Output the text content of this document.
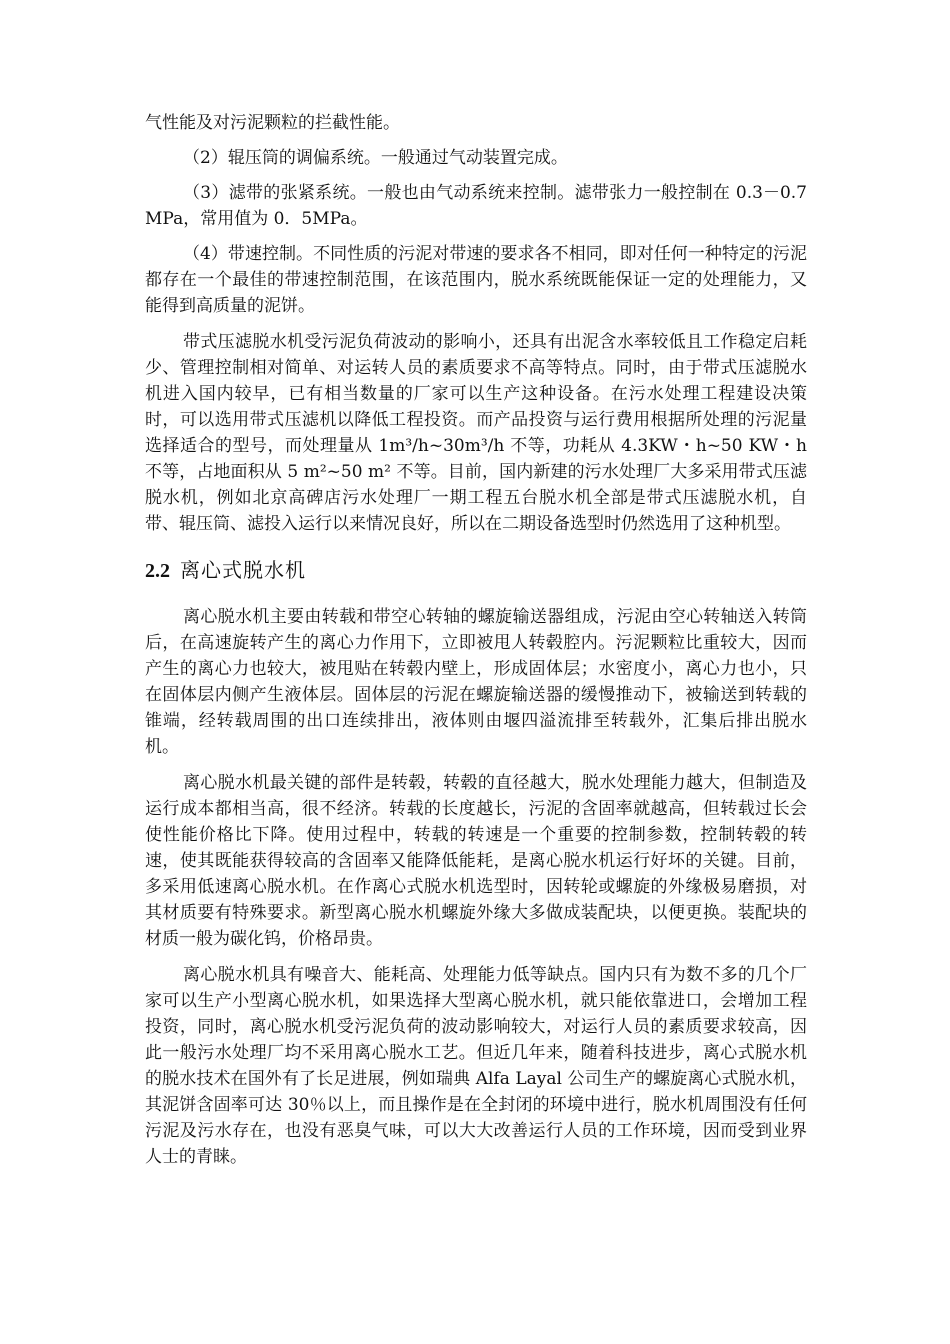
气性能及对污泥颗粒的拦截性能。

（2）辊压筒的调偏系统。一般通过气动装置完成。

（3）滤带的张紧系统。一般也由气动系统来控制。滤带张力一般控制在 0.3－0.7MPa，常用值为 0．5MPa。

（4）带速控制。不同性质的污泥对带速的要求各不相同，即对任何一种特定的污泥都存在一个最佳的带速控制范围，在该范围内，脱水系统既能保证一定的处理能力，又能得到高质量的泥饼。

带式压滤脱水机受污泥负荷波动的影响小，还具有出泥含水率较低且工作稳定启耗少、管理控制相对简单、对运转人员的素质要求不高等特点。同时，由于带式压滤脱水机进入国内较早，已有相当数量的厂家可以生产这种设备。在污水处理工程建设决策时，可以选用带式压滤机以降低工程投资。而产品投资与运行费用根据所处理的污泥量选择适合的型号，而处理量从 1m³/h~30m³/h 不等，功耗从 4.3KW・h~50 KW・h 不等，占地面积从 5 m²~50 m² 不等。目前，国内新建的污水处理厂大多采用带式压滤脱水机，例如北京高碑店污水处理厂一期工程五台脱水机全部是带式压滤脱水机，自带、辊压筒、滤投入运行以来情况良好，所以在二期设备选型时仍然选用了这种机型。

2.2 离心式脱水机

离心脱水机主要由转载和带空心转轴的螺旋输送器组成，污泥由空心转轴送入转筒后，在高速旋转产生的离心力作用下，立即被甩人转毂腔内。污泥颗粒比重较大，因而产生的离心力也较大，被甩贴在转毂内壁上，形成固体层；水密度小，离心力也小，只在固体层内侧产生液体层。固体层的污泥在螺旋输送器的缓慢推动下，被输送到转载的锥端，经转载周围的出口连续排出，液体则由堰四溢流排至转载外，汇集后排出脱水机。

离心脱水机最关键的部件是转毂，转毂的直径越大，脱水处理能力越大，但制造及运行成本都相当高，很不经济。转载的长度越长，污泥的含固率就越高，但转载过长会使性能价格比下降。使用过程中，转载的转速是一个重要的控制参数，控制转毂的转速，使其既能获得较高的含固率又能降低能耗，是离心脱水机运行好坏的关键。目前，多采用低速离心脱水机。在作离心式脱水机选型时，因转轮或螺旋的外缘极易磨损，对其材质要有特殊要求。新型离心脱水机螺旋外缘大多做成装配块，以便更换。装配块的材质一般为碳化钨，价格昂贵。

离心脱水机具有噪音大、能耗高、处理能力低等缺点。国内只有为数不多的几个厂家可以生产小型离心脱水机，如果选择大型离心脱水机，就只能依靠进口，会增加工程投资，同时，离心脱水机受污泥负荷的波动影响较大，对运行人员的素质要求较高，因此一般污水处理厂均不采用离心脱水工艺。但近几年来，随着科技进步，离心式脱水机的脱水技术在国外有了长足进展，例如瑞典 Alfa Layal 公司生产的螺旋离心式脱水机，其泥饼含固率可达 30％以上，而且操作是在全封闭的环境中进行，脱水机周围没有任何污泥及污水存在，也没有恶臭气味，可以大大改善运行人员的工作环境，因而受到业界人士的青睐。
